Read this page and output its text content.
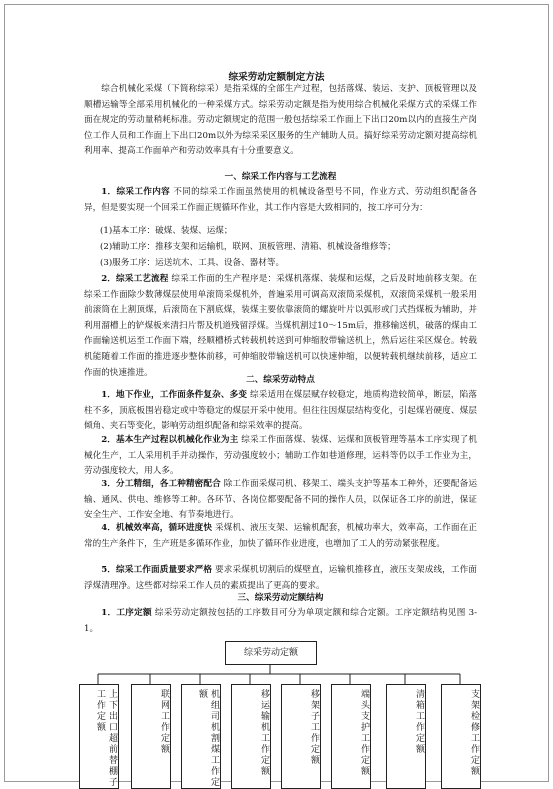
综采劳动定额制定方法
综合机械化采煤（下简称综采）是指采煤的全部生产过程，包括落煤、装运、支护、顶板管理以及顺槽运输等全部采用机械化的一种采煤方式。综采劳动定额是指为使用综合机械化采煤方式的采煤工作面在规定的劳动量稍耗标准。劳动定额规定的范围一般包括综采工作面上下出口20m以内的直接生产岗位工作人员和工作面上下出口20m以外为综采采区服务的生产辅助人员。搞好综采劳动定额对提高综机利用率、提高工作面单产和劳动效率具有十分重要意义。
一、综采工作内容与工艺流程
1．综采工作内容 不同的综采工作面虽然使用的机械设备型号不同，作业方式、劳动组织配备各异，但是要实现一个回采工作面正规循环作业，其工作内容是大致相同的，按工序可分为：
(1)基本工序：破煤、装煤、运煤；
(2)辅助工序：推移支架和运输机，联网、顶板管理、清箱、机械设备维修等；
(3)服务工序：运送坑木、工具、设备、器材等。
2．综采工艺流程 综采工作面的生产程序是：采煤机落煤、装煤和运煤，之后及时地前移支架。在综采工作面除少数薄煤层使用单滚筒采煤机外，普遍采用可调高双滚筒采煤机，双滚筒采煤机一般采用前滚筒在上割顶煤，后滚筒在下割底煤，装煤主要依靠滚筒的螺旋叶片以弧形或门式挡煤板为辅助，并利用溜槽上的铲煤板来清扫片帮及机道残留浮煤。当煤机割过10～15m后，推移输送机，破落的煤由工作面输送机运至工作面下端，经顺槽桥式转载机转送到可伸缩胶带输送机上，然后运往采区煤仓。转载机能随着工作面的推进逐步整体前移，可伸缩胶带输送机可以快速伸缩，以便转载机继续前移，适应工作面的快速推进。
二、综采劳动特点
1．地下作业，工作面条件复杂、多变 综采适用在煤层赋存较稳定，地质构造较简单，断层，陷落柱不多，顶底板围岩稳定或中等稳定的煤层开采中使用。但往往因煤层结构变化，引起煤岩硬度、煤层倾角、夹石等变化，影响劳动组织配备和综采效率的提高。
2．基本生产过程以机械化作业为主 综采工作面落煤、装煤、运煤和顶板管理等基本工序实现了机械化生产，工人采用机手并动操作，劳动强度较小；辅助工作如巷道修理，运料等仍以手工作业为主，劳动强度较大，用人多。
3．分工精细，各工种精密配合 除工作面采煤司机、移架工、端头支护等基本工种外，还要配备运输、通风、供电、维修等工种。各环节、各岗位都要配备不同的操作人员，以保证各工序的前进，保证安全生产、工作安全地、有节奏地进行。
4．机械效率高，循环进度快 采煤机、液压支架、运输机配套，机械功率大，效率高，工作面在正常的生产条件下，生产班是多循环作业，加快了循环作业进度，也增加了工人的劳动紧张程度。
5．综采工作面质量要求严格 要求采煤机切割后的煤壁直，运输机推移直，液压支架成线，工作面浮煤清理净。这些都对综采工作人员的素质提出了更高的要求。
三、综采劳动定额结构
1．工序定额 综采劳动定额按包括的工序数目可分为单项定额和综合定额。工序定额结构见图 3-1。
综采劳动定额
上下出口超前替棚子工作定额	联网工作定额	机组司机割煤工作定额	移运输机工作定额	移架子工作定额	端头支护工作定额	清箱工作定额	支架检修工作定额
